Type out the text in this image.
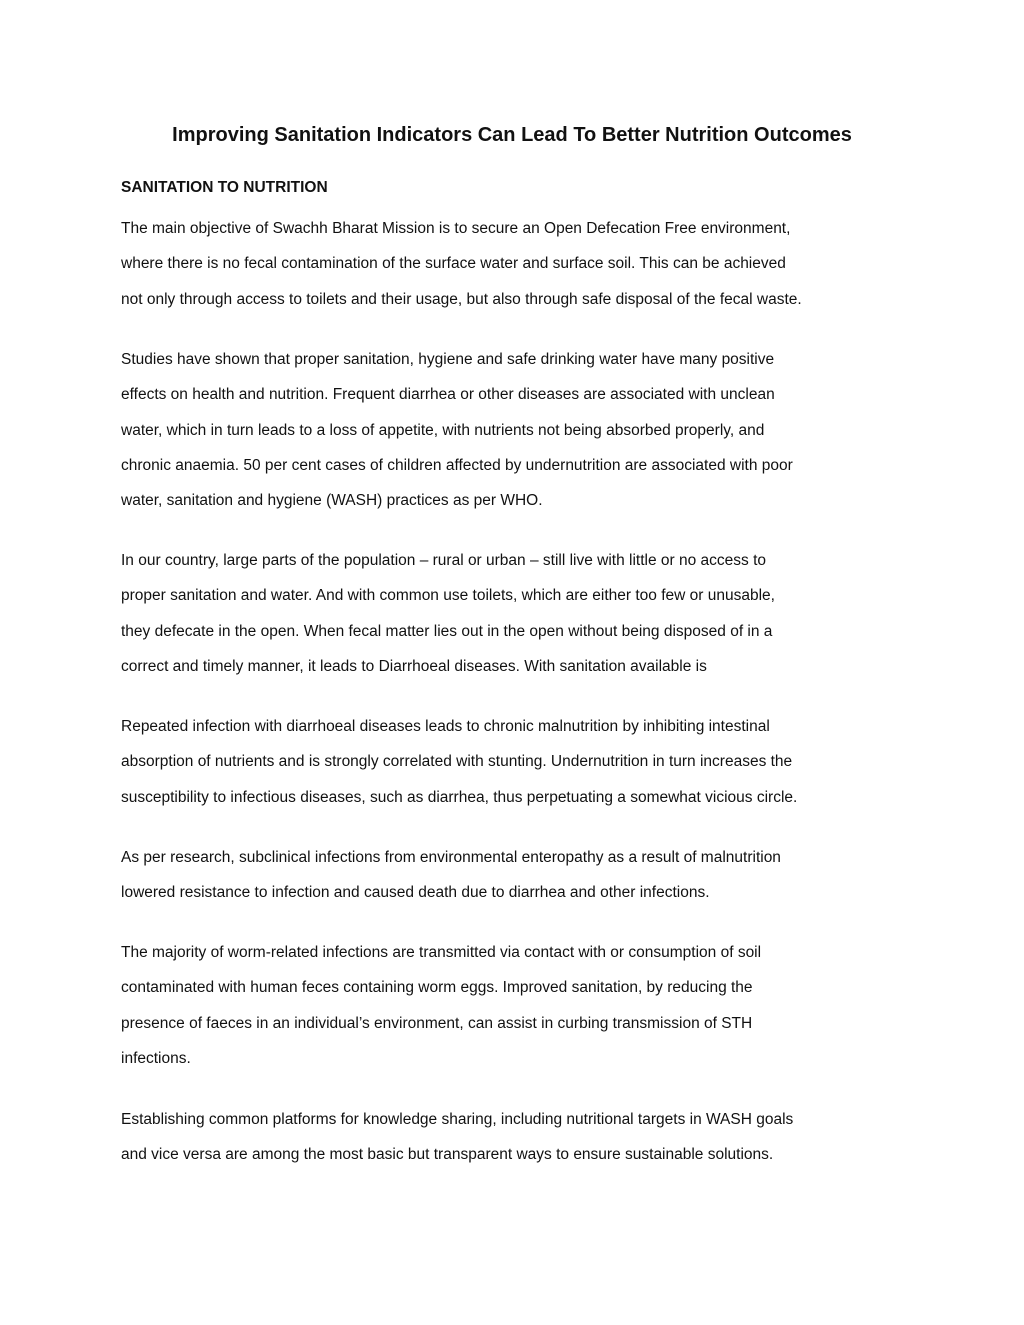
Improving Sanitation Indicators Can Lead To Better Nutrition Outcomes
SANITATION TO NUTRITION

The main objective of Swachh Bharat Mission is to secure an Open Defecation Free environment,
where there is no fecal contamination of the surface water and surface soil. This can be achieved
not only through access to toilets and their usage, but also through safe disposal of the fecal waste.

Studies have shown that proper sanitation, hygiene and safe drinking water have many positive
effects on health and nutrition. Frequent diarrhea or other diseases are associated with unclean
water, which in turn leads to a loss of appetite, with nutrients not being absorbed properly, and
chronic anaemia. 50 per cent cases of children affected by undernutrition are associated with poor
water, sanitation and hygiene (WASH) practices as per WHO.

In our country, large parts of the population – rural or urban – still live with little or no access to
proper sanitation and water. And with common use toilets, which are either too few or unusable,
they defecate in the open. When fecal matter lies out in the open without being disposed of in a
correct and timely manner, it leads to Diarrhoeal diseases. With sanitation available is

Repeated infection with diarrhoeal diseases leads to chronic malnutrition by inhibiting intestinal
absorption of nutrients and is strongly correlated with stunting. Undernutrition in turn increases the
susceptibility to infectious diseases, such as diarrhea, thus perpetuating a somewhat vicious circle.

As per research, subclinical infections from environmental enteropathy as a result of malnutrition
lowered resistance to infection and caused death due to diarrhea and other infections.

The majority of worm-related infections are transmitted via contact with or consumption of soil
contaminated with human feces containing worm eggs. Improved sanitation, by reducing the
presence of faeces in an individual’s environment, can assist in curbing transmission of STH
infections.

Establishing common platforms for knowledge sharing, including nutritional targets in WASH goals
and vice versa are among the most basic but transparent ways to ensure sustainable solutions.
